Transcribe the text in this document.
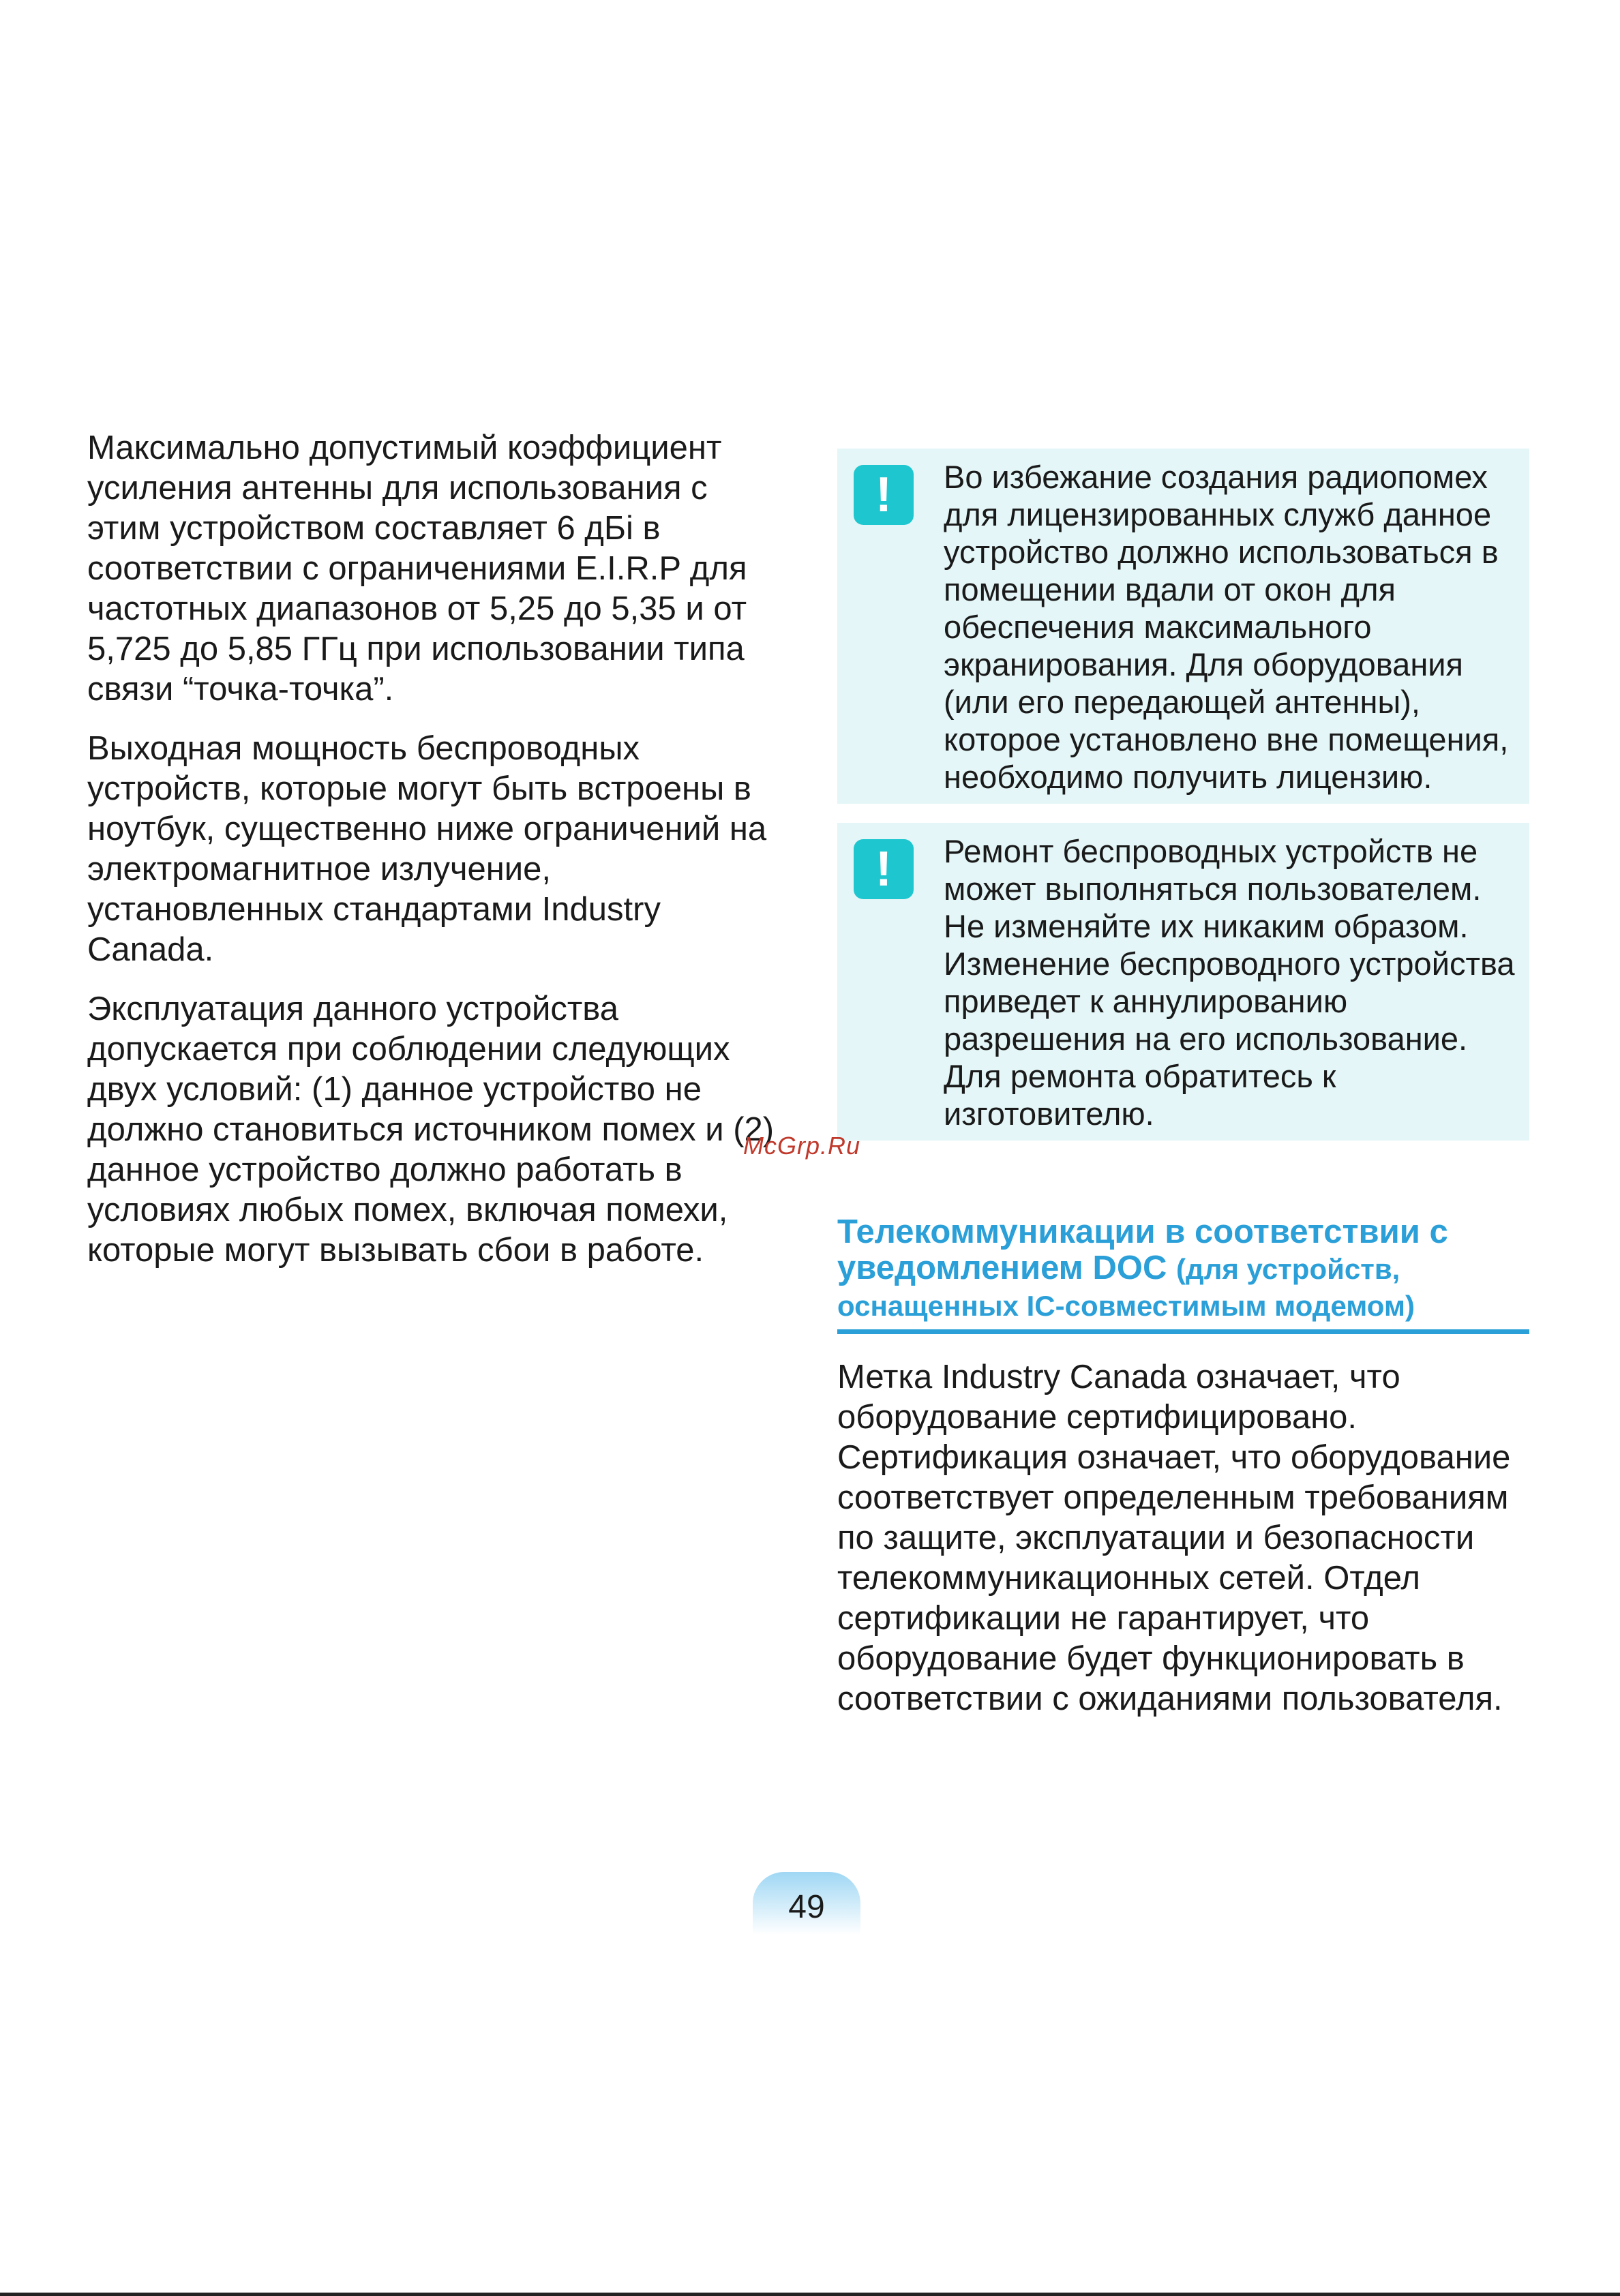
Максимально допустимый коэффициент усиления антенны для использования с этим устройством составляет 6 дБі в соответствии с ограничениями E.I.R.P для частотных диапазонов от 5,25 до 5,35 и от 5,725 до 5,85 ГГц при использовании типа связи “точка-точка”.

Выходная мощность беспроводных устройств, которые могут быть встроены в ноутбук, существенно ниже ограничений на электромагнитное излучение, установленных стандартами Industry Canada.

Эксплуатация данного устройства допускается при соблюдении следующих двух условий: (1) данное устройство не должно становиться источником помех и (2) данное устройство должно работать в условиях любых помех, включая помехи, которые могут вызывать сбои в работе.

!	Во избежание создания радиопомех для лицензированных служб данное устройство должно использоваться в помещении вдали от окон для обеспечения максимального экранирования. Для оборудования (или его передающей антенны), которое установлено вне помещения, необходимо получить лицензию.
!	Ремонт беспроводных устройств не может выполняться пользователем. Не изменяйте их никаким образом. Изменение беспроводного устройства приведет к аннулированию разрешения на его использование. Для ремонта обратитесь к изготовителю.
Телекоммуникации в соответствии с уведомлением DOC (для устройств, оснащенных IC-совместимым модемом)
Метка Industry Canada означает, что оборудование сертифицировано. Сертификация означает, что оборудование соответствует определенным требованиям по защите, эксплуатации и безопасности телекоммуникационных сетей. Отдел сертификации не гарантирует, что оборудование будет функционировать в соответствии с ожиданиями пользователя.
McGrp.Ru
49
